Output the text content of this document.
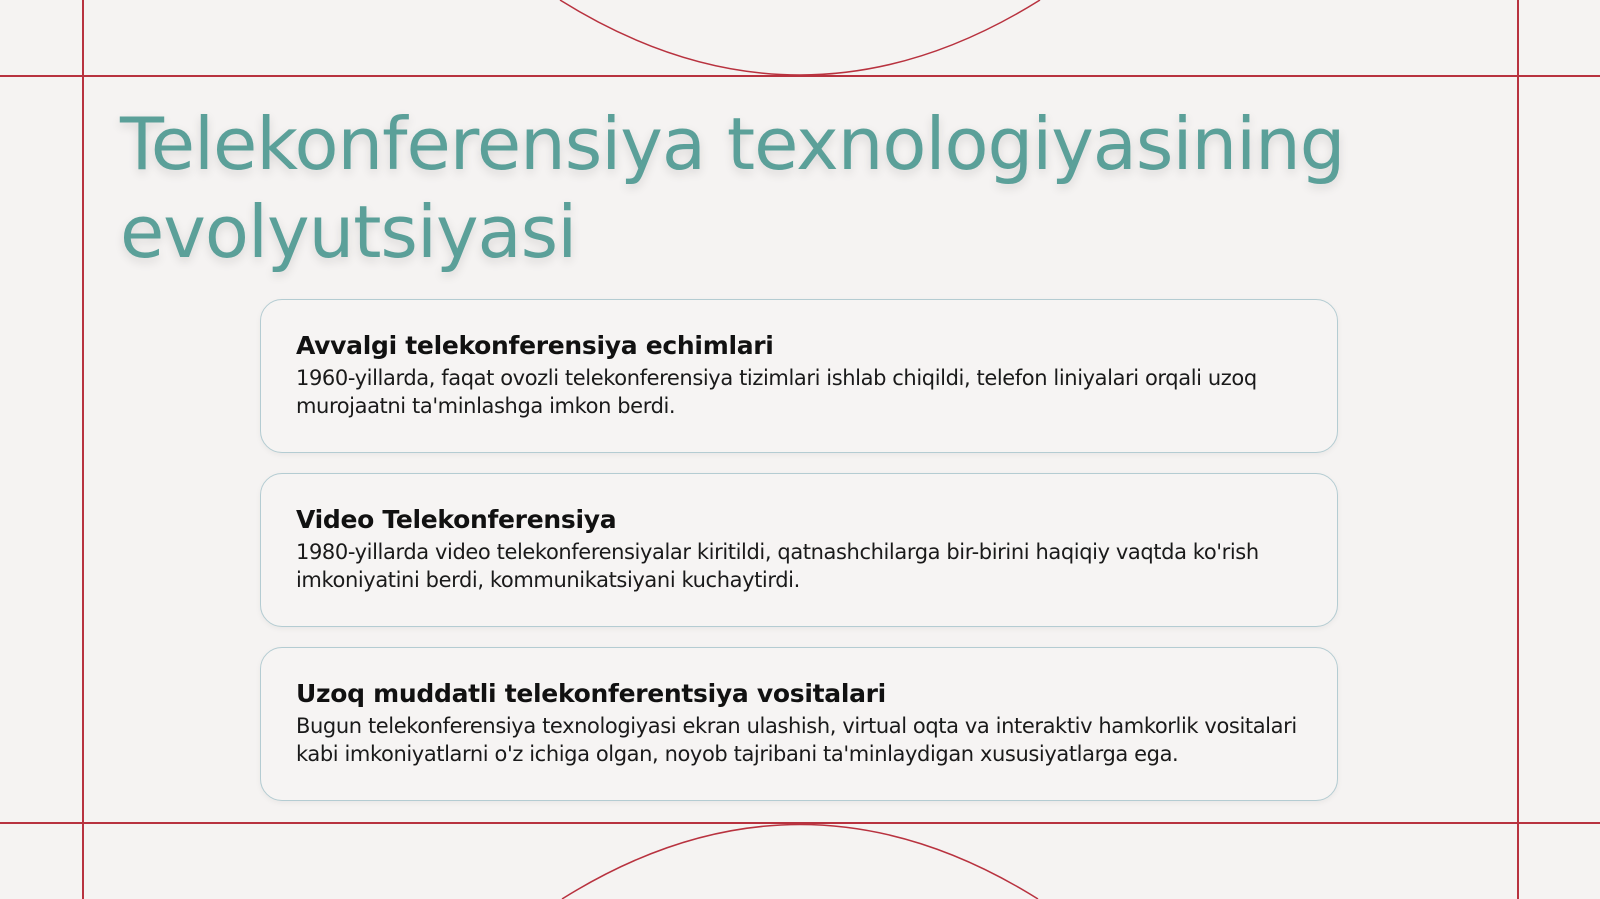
Telekonferensiya texnologiyasining evolyutsiyasi
Avvalgi telekonferensiya echimlari

1960-yillarda, faqat ovozli telekonferensiya tizimlari ishlab chiqildi, telefon liniyalari orqali uzoq murojaatni ta'minlashga imkon berdi.

Video Telekonferensiya

1980-yillarda video telekonferensiyalar kiritildi, qatnashchilarga bir-birini haqiqiy vaqtda ko'rish imkoniyatini berdi, kommunikatsiyani kuchaytirdi.

Uzoq muddatli telekonferentsiya vositalari

Bugun telekonferensiya texnologiyasi ekran ulashish, virtual oqta va interaktiv hamkorlik vositalari kabi imkoniyatlarni o'z ichiga olgan, noyob tajribani ta'minlaydigan xususiyatlarga ega.
